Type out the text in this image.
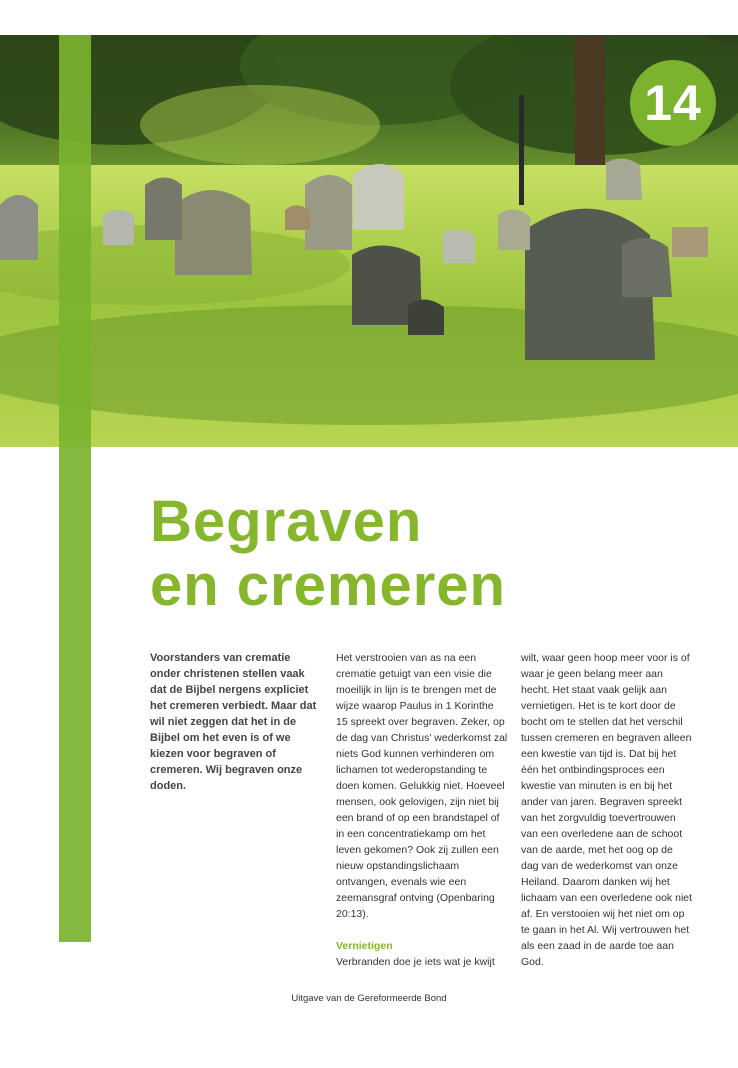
14
Begraven
en cremeren

Voorstanders van crematie onder christenen stellen vaak dat de Bijbel nergens expliciet het cremeren verbiedt. Maar dat wil niet zeggen dat het in de Bijbel om het even is of we kiezen voor begraven of cremeren. Wij begraven onze doden.

Het verstrooien van as na een crematie getuigt van een visie die moeilijk in lijn is te brengen met de wijze waarop Paulus in 1 Korinthe 15 spreekt over begraven. Zeker, op de dag van Christus' wederkomst zal niets God kunnen verhinderen om lichamen tot wederopstanding te doen komen. Gelukkig niet. Hoeveel mensen, ook gelovigen, zijn niet bij een brand of op een brandstapel of in een concentratiekamp om het leven gekomen? Ook zij zullen een nieuw opstandingslichaam ontvangen, evenals wie een zeemansgraf ontving (Openbaring 20:13).

Vernietigen

Verbranden doe je iets wat je kwijt

wilt, waar geen hoop meer voor is of waar je geen belang meer aan hecht. Het staat vaak gelijk aan vernietigen. Het is te kort door de bocht om te stellen dat het verschil tussen cremeren en begraven alleen een kwestie van tijd is. Dat bij het één het ontbindingsproces een kwestie van minuten is en bij het ander van jaren. Begraven spreekt van het zorgvuldig toevertrouwen van een overledene aan de schoot van de aarde, met het oog op de dag van de wederkomst van onze Heiland. Daarom danken wij het lichaam van een overledene ook niet af. En verstooien wij het niet om op te gaan in het Al. Wij vertrouwen het als een zaad in de aarde toe aan God.

Uitgave van de Gereformeerde Bond
